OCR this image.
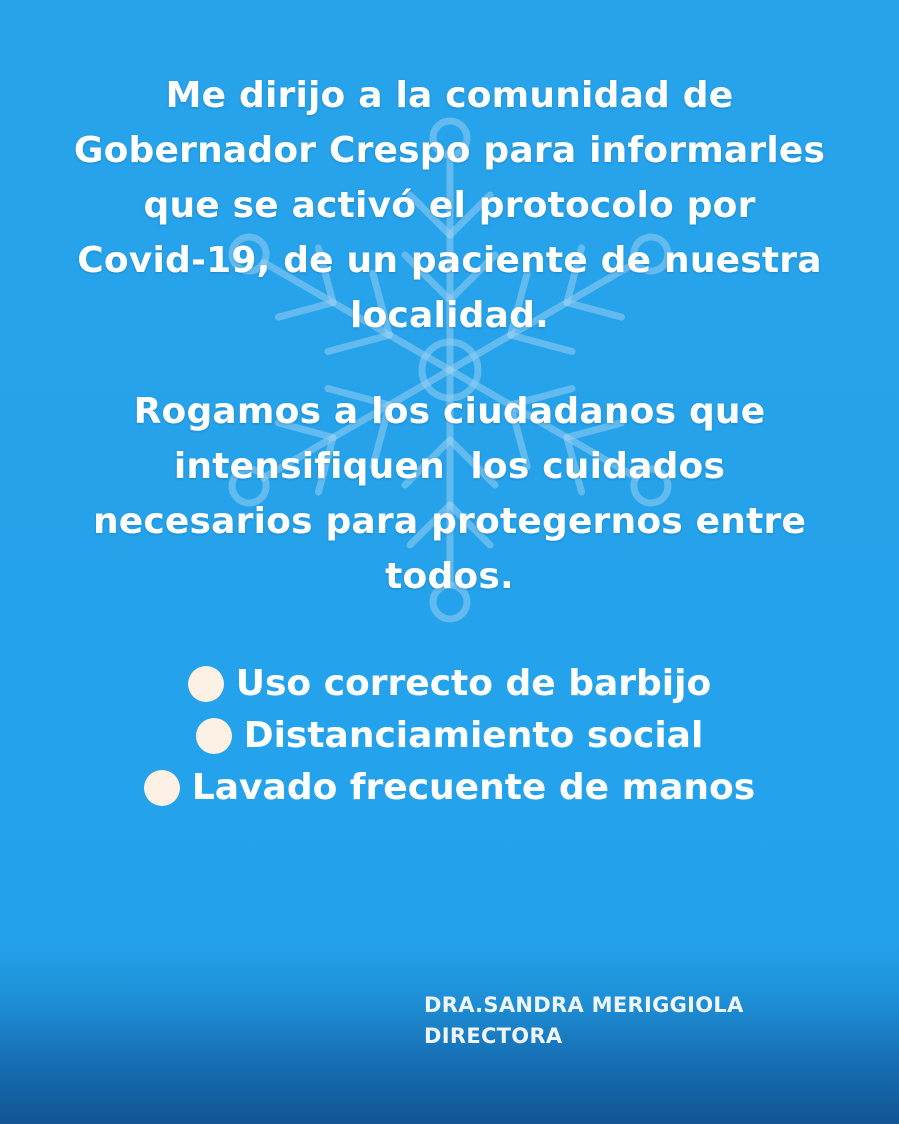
Me dirijo a la comunidad de
Gobernador Crespo para informarles
que se activó el protocolo por
Covid-19, de un paciente de nuestra
localidad.
Rogamos a los ciudadanos que
intensifiquen  los cuidados
necesarios para protegernos entre
todos.
Uso correcto de barbijo
Distanciamiento social
Lavado frecuente de manos
DRA.SANDRA MERIGGIOLA
DIRECTORA
